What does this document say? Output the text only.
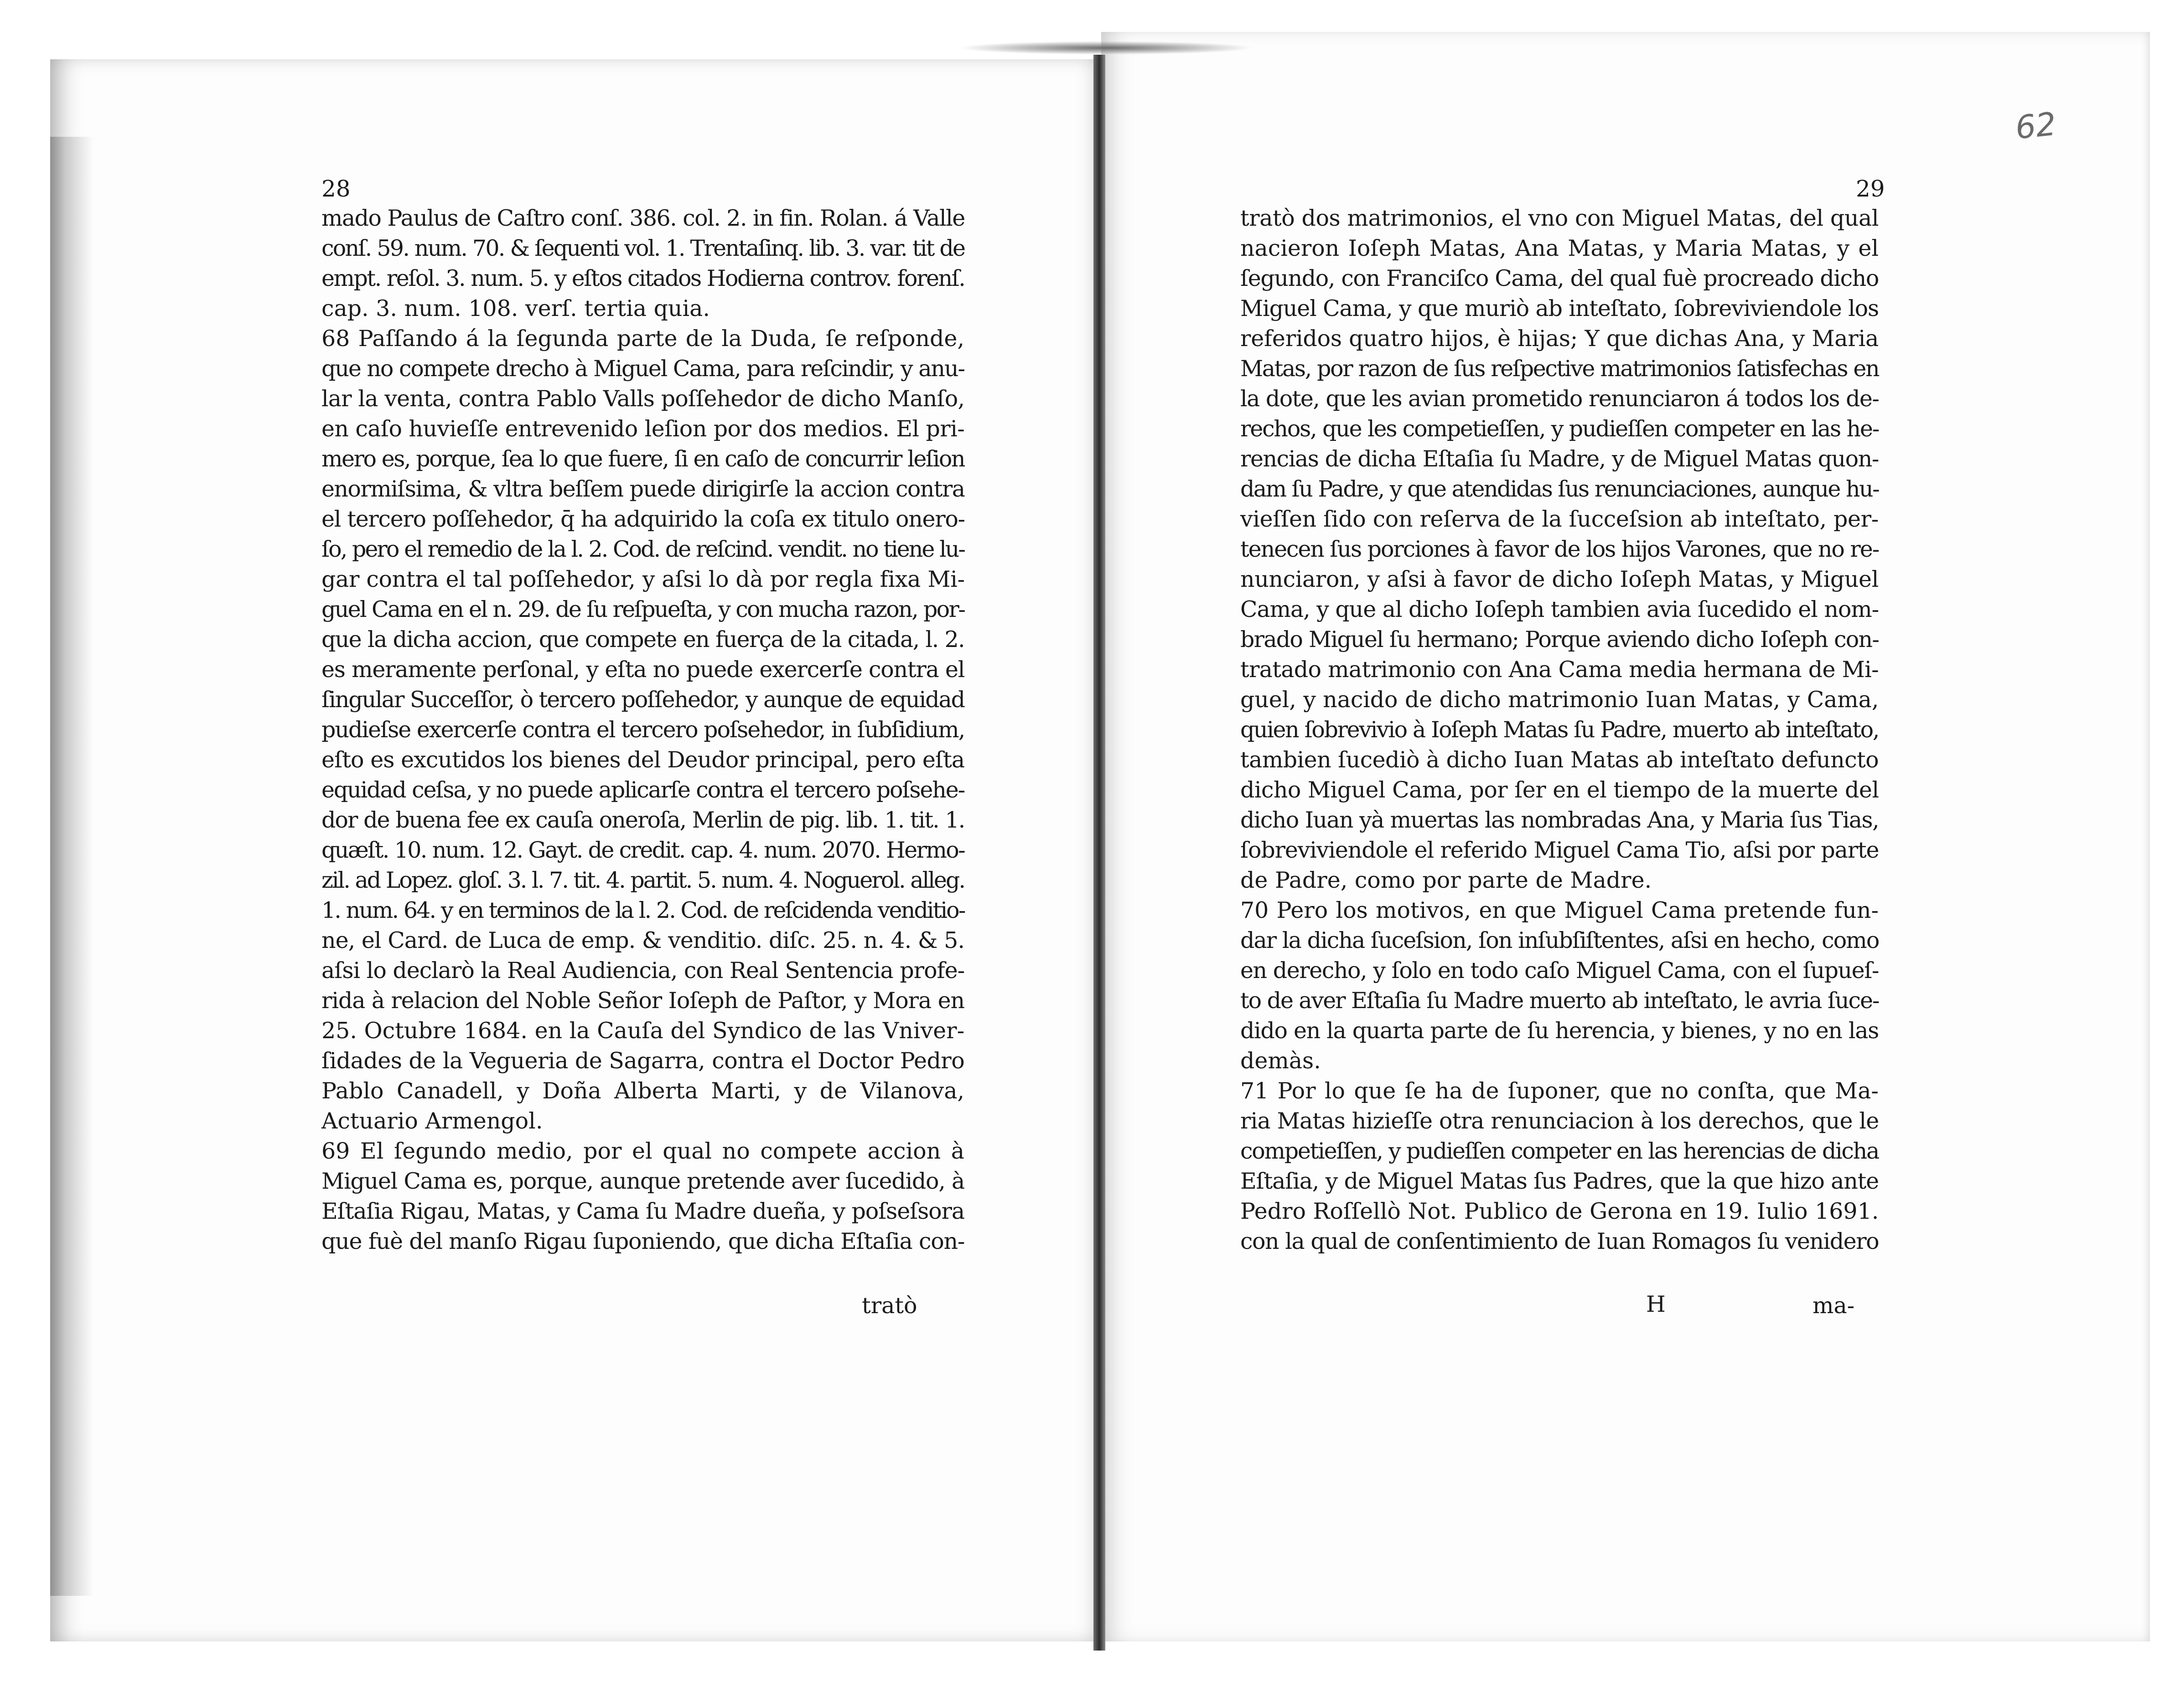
28	29
62
mado Paulus de Caſtro conſ. 386. col. 2. in fin. Rolan. á Valle
conſ. 59. num. 70. & ſequenti vol. 1. Trentaſinq. lib. 3. var. tit de
empt. reſol. 3. num. 5. y eſtos citados Hodierna controv. forenſ.
cap. 3. num. 108. verſ. tertia quia.
68 Paſſando á la ſegunda parte de la Duda, ſe reſponde,
que no compete drecho à Miguel Cama, para reſcindir, y anu-
lar la venta, contra Pablo Valls poſſehedor de dicho Manſo,
en caſo huvieſſe entrevenido leſion por dos medios. El pri-
mero es, porque, ſea lo que fuere, ſi en caſo de concurrir leſion
enormiſsima, & vltra beſſem puede dirigirſe la accion contra
el tercero poſſehedor, q̄ ha adquirido la coſa ex titulo onero-
ſo, pero el remedio de la l. 2. Cod. de reſcind. vendit. no tiene lu-
gar contra el tal poſſehedor, y aſsi lo dà por regla fixa Mi-
guel Cama en el n. 29. de ſu reſpueſta, y con mucha razon, por-
que la dicha accion, que compete en fuerça de la citada, l. 2.
es meramente perſonal, y eſta no puede exercerſe contra el
ſingular Succeſſor, ò tercero poſſehedor, y aunque de equidad
pudieſse exercerſe contra el tercero poſsehedor, in ſubſidium,
eſto es excutidos los bienes del Deudor principal, pero eſta
equidad ceſsa, y no puede aplicarſe contra el tercero poſsehe-
dor de buena fee ex cauſa oneroſa, Merlin de pig. lib. 1. tit. 1.
quæſt. 10. num. 12. Gayt. de credit. cap. 4. num. 2070. Hermo-
zil. ad Lopez. gloſ. 3. l. 7. tit. 4. partit. 5. num. 4. Noguerol. alleg.
1. num. 64. y en terminos de la l. 2. Cod. de reſcidenda venditio-
ne, el Card. de Luca de emp. & venditio. diſc. 25. n. 4. & 5.
aſsi lo declarò la Real Audiencia, con Real Sentencia profe-
rida à relacion del Noble Señor Ioſeph de Paſtor, y Mora en
25. Octubre 1684. en la Cauſa del Syndico de las Vniver-
ſidades de la Vegueria de Sagarra, contra el Doctor Pedro
Pablo Canadell, y Doña Alberta Marti, y de Vilanova,
Actuario Armengol.
69 El ſegundo medio, por el qual no compete accion à
Miguel Cama es, porque, aunque pretende aver ſucedido, à
Eſtaſia Rigau, Matas, y Cama ſu Madre dueña, y poſseſsora
que fuè del manſo Rigau ſuponiendo, que dicha Eſtaſia con-
tratò dos matrimonios, el vno con Miguel Matas, del qual
nacieron Ioſeph Matas, Ana Matas, y Maria Matas, y el
ſegundo, con Franciſco Cama, del qual fuè procreado dicho
Miguel Cama, y que muriò ab inteſtato, ſobreviviendole los
referidos quatro hijos, è hijas; Y que dichas Ana, y Maria
Matas, por razon de ſus reſpective matrimonios ſatisfechas en
la dote, que les avian prometido renunciaron á todos los de-
rechos, que les competieſſen, y pudieſſen competer en las he-
rencias de dicha Eſtaſia ſu Madre, y de Miguel Matas quon-
dam ſu Padre, y que atendidas ſus renunciaciones, aunque hu-
vieſſen ſido con reſerva de la ſucceſsion ab inteſtato, per-
tenecen ſus porciones à favor de los hijos Varones, que no re-
nunciaron, y aſsi à favor de dicho Ioſeph Matas, y Miguel
Cama, y que al dicho Ioſeph tambien avia ſucedido el nom-
brado Miguel ſu hermano; Porque aviendo dicho Ioſeph con-
tratado matrimonio con Ana Cama media hermana de Mi-
guel, y nacido de dicho matrimonio Iuan Matas, y Cama,
quien ſobrevivio à Ioſeph Matas ſu Padre, muerto ab inteſtato,
tambien ſucediò à dicho Iuan Matas ab inteſtato defuncto
dicho Miguel Cama, por ſer en el tiempo de la muerte del
dicho Iuan yà muertas las nombradas Ana, y Maria ſus Tias,
ſobreviviendole el referido Miguel Cama Tio, aſsi por parte
de Padre, como por parte de Madre.
70 Pero los motivos, en que Miguel Cama pretende fun-
dar la dicha ſuceſsion, ſon inſubſiſtentes, aſsi en hecho, como
en derecho, y ſolo en todo caſo Miguel Cama, con el ſupueſ-
to de aver Eſtaſia ſu Madre muerto ab inteſtato, le avria ſuce-
dido en la quarta parte de ſu herencia, y bienes, y no en las
demàs.
71 Por lo que ſe ha de ſuponer, que no conſta, que Ma-
ria Matas hizieſſe otra renunciacion à los derechos, que le
competieſſen, y pudieſſen competer en las herencias de dicha
Eſtaſia, y de Miguel Matas ſus Padres, que la que hizo ante
Pedro Roſſellò Not. Publico de Gerona en 19. Iulio 1691.
con la qual de conſentimiento de Iuan Romagos ſu venidero
tratò	H	ma-
